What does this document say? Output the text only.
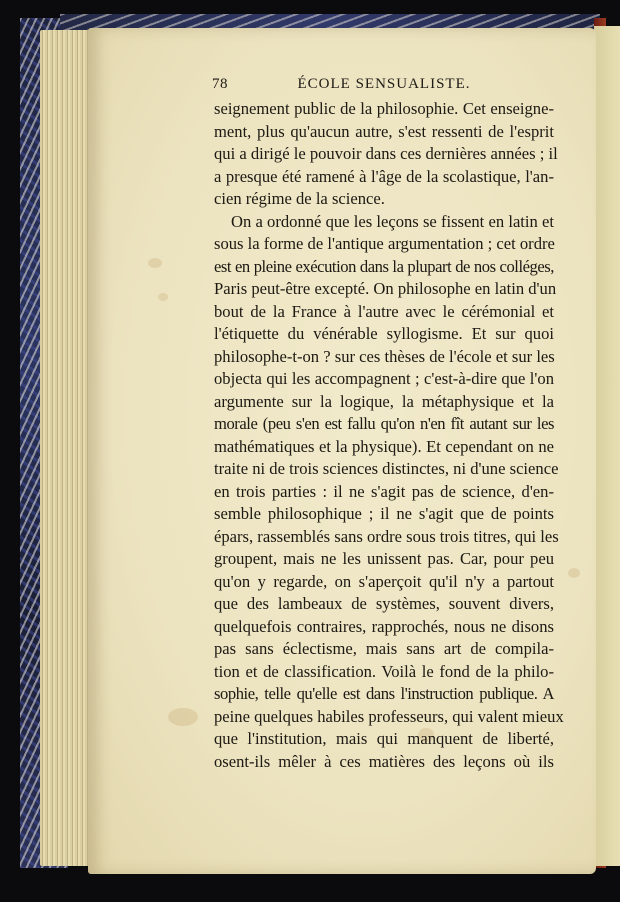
78	ÉCOLE SENSUALISTE.
seignement public de la philosophie. Cet enseigne-
ment, plus qu'aucun autre, s'est ressenti de l'esprit
qui a dirigé le pouvoir dans ces dernières années ; il
a presque été ramené à l'âge de la scolastique, l'an-
cien régime de la science.
On a ordonné que les leçons se fissent en latin et
sous la forme de l'antique argumentation ; cet ordre
est en pleine exécution dans la plupart de nos colléges,
Paris peut-être excepté. On philosophe en latin d'un
bout de la France à l'autre avec le cérémonial et
l'étiquette du vénérable syllogisme. Et sur quoi
philosophe-t-on ? sur ces thèses de l'école et sur les
objecta qui les accompagnent ; c'est-à-dire que l'on
argumente sur la logique, la métaphysique et la
morale (peu s'en est fallu qu'on n'en fît autant sur les
mathématiques et la physique). Et cependant on ne
traite ni de trois sciences distinctes, ni d'une science
en trois parties : il ne s'agit pas de science, d'en-
semble philosophique ; il ne s'agit que de points
épars, rassemblés sans ordre sous trois titres, qui les
groupent, mais ne les unissent pas. Car, pour peu
qu'on y regarde, on s'aperçoit qu'il n'y a partout
que des lambeaux de systèmes, souvent divers,
quelquefois contraires, rapprochés, nous ne disons
pas sans éclectisme, mais sans art de compila-
tion et de classification. Voilà le fond de la philo-
sophie, telle qu'elle est dans l'instruction publique. A
peine quelques habiles professeurs, qui valent mieux
que l'institution, mais qui manquent de liberté,
osent-ils mêler à ces matières des leçons où ils
